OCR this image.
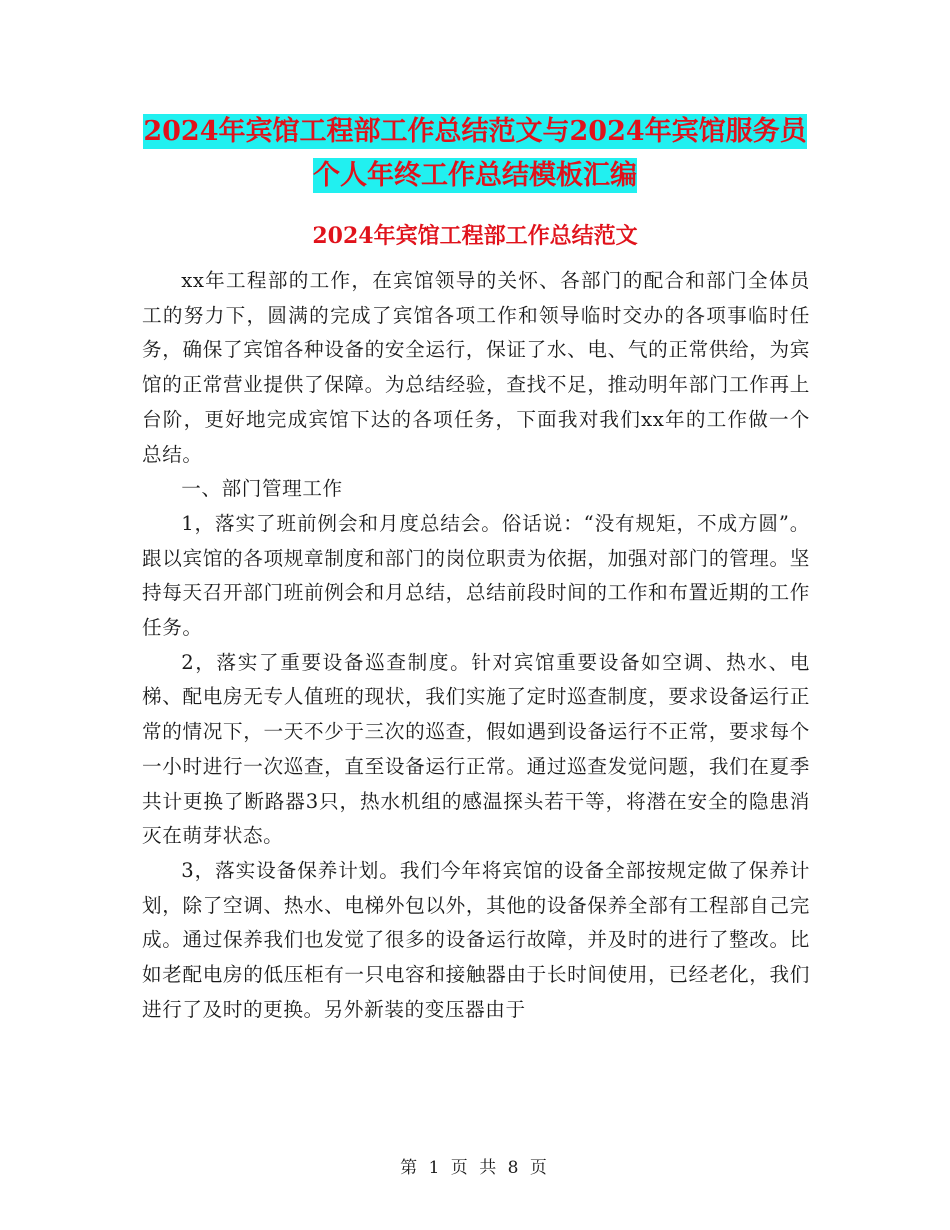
2024年宾馆工程部工作总结范文与2024年宾馆服务员
个人年终工作总结模板汇编
2024年宾馆工程部工作总结范文

xx年工程部的工作，在宾馆领导的关怀、各部门的配合和部门全体员工的努力下，圆满的完成了宾馆各项工作和领导临时交办的各项事临时任务，确保了宾馆各种设备的安全运行，保证了水、电、气的正常供给，为宾馆的正常营业提供了保障。为总结经验，查找不足，推动明年部门工作再上台阶，更好地完成宾馆下达的各项任务，下面我对我们xx年的工作做一个总结。

一、部门管理工作

1，落实了班前例会和月度总结会。俗话说：“没有规矩，不成方圆”。跟以宾馆的各项规章制度和部门的岗位职责为依据，加强对部门的管理。坚持每天召开部门班前例会和月总结，总结前段时间的工作和布置近期的工作任务。

2，落实了重要设备巡查制度。针对宾馆重要设备如空调、热水、电梯、配电房无专人值班的现状，我们实施了定时巡查制度，要求设备运行正常的情况下，一天不少于三次的巡查，假如遇到设备运行不正常，要求每个一小时进行一次巡查，直至设备运行正常。通过巡查发觉问题，我们在夏季共计更换了断路器3只，热水机组的感温探头若干等，将潜在安全的隐患消灭在萌芽状态。

3，落实设备保养计划。我们今年将宾馆的设备全部按规定做了保养计划，除了空调、热水、电梯外包以外，其他的设备保养全部有工程部自己完成。通过保养我们也发觉了很多的设备运行故障，并及时的进行了整改。比如老配电房的低压柜有一只电容和接触器由于长时间使用，已经老化，我们进行了及时的更换。另外新装的变压器由于

第 1 页 共 8 页
